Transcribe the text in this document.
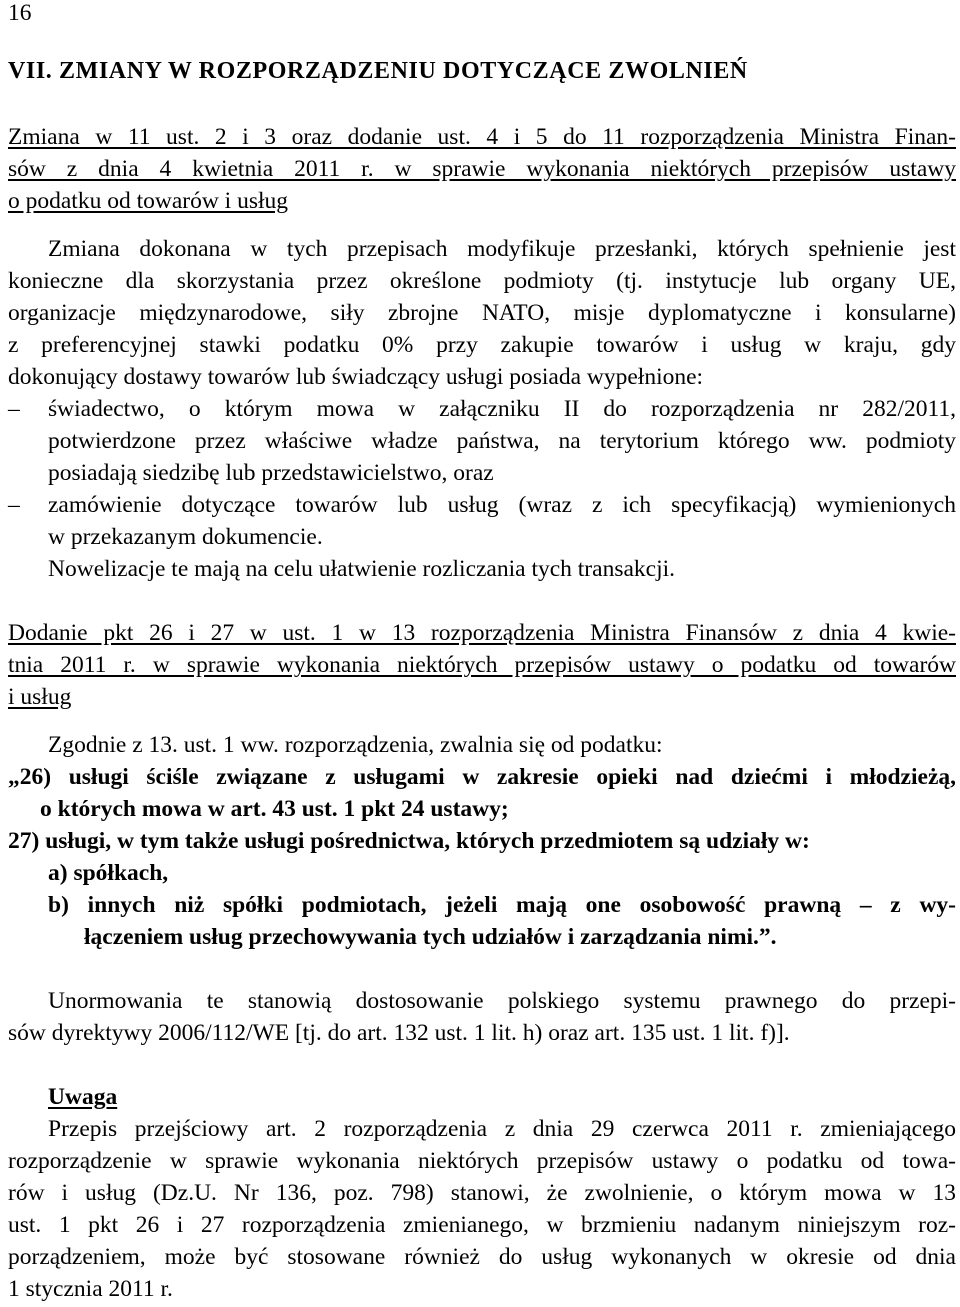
16
VII. ZMIANY W ROZPORZĄDZENIU DOTYCZĄCE ZWOLNIEŃ
Zmiana w 11 ust. 2 i 3 oraz dodanie ust. 4 i 5 do 11 rozporządzenia Ministra Finan-
sów z dnia 4 kwietnia 2011 r. w sprawie wykonania niektórych przepisów ustawy
o podatku od towarów i usług
Zmiana dokonana w tych przepisach modyfikuje przesłanki, których spełnienie jest
konieczne dla skorzystania przez określone podmioty (tj. instytucje lub organy UE,
organizacje międzynarodowe, siły zbrojne NATO, misje dyplomatyczne i konsularne)
z preferencyjnej stawki podatku 0% przy zakupie towarów i usług w kraju, gdy
dokonujący dostawy towarów lub świadczący usługi posiada wypełnione:
– świadectwo, o którym mowa w załączniku II do rozporządzenia nr 282/2011,
potwierdzone przez właściwe władze państwa, na terytorium którego ww. podmioty
posiadają siedzibę lub przedstawicielstwo, oraz
– zamówienie dotyczące towarów lub usług (wraz z ich specyfikacją) wymienionych
w przekazanym dokumencie.
Nowelizacje te mają na celu ułatwienie rozliczania tych transakcji.
Dodanie pkt 26 i 27 w ust. 1 w 13 rozporządzenia Ministra Finansów z dnia 4 kwie-
tnia 2011 r. w sprawie wykonania niektórych przepisów ustawy o podatku od towarów
i usług
Zgodnie z 13. ust. 1 ww. rozporządzenia, zwalnia się od podatku:
„26) usługi ściśle związane z usługami w zakresie opieki nad dziećmi i młodzieżą,
o których mowa w art. 43 ust. 1 pkt 24 ustawy;
27) usługi, w tym także usługi pośrednictwa, których przedmiotem są udziały w:
a) spółkach,
b) innych niż spółki podmiotach, jeżeli mają one osobowość prawną – z wy-
łączeniem usług przechowywania tych udziałów i zarządzania nimi.”.
Unormowania te stanowią dostosowanie polskiego systemu prawnego do przepi-
sów dyrektywy 2006/112/WE [tj. do art. 132 ust. 1 lit. h) oraz art. 135 ust. 1 lit. f)].
Uwaga
Przepis przejściowy art. 2 rozporządzenia z dnia 29 czerwca 2011 r. zmieniającego
rozporządzenie w sprawie wykonania niektórych przepisów ustawy o podatku od towa-
rów i usług (Dz.U. Nr 136, poz. 798) stanowi, że zwolnienie, o którym mowa w 13
ust. 1 pkt 26 i 27 rozporządzenia zmienianego, w brzmieniu nadanym niniejszym roz-
porządzeniem, może być stosowane również do usług wykonanych w okresie od dnia
1 stycznia 2011 r.
